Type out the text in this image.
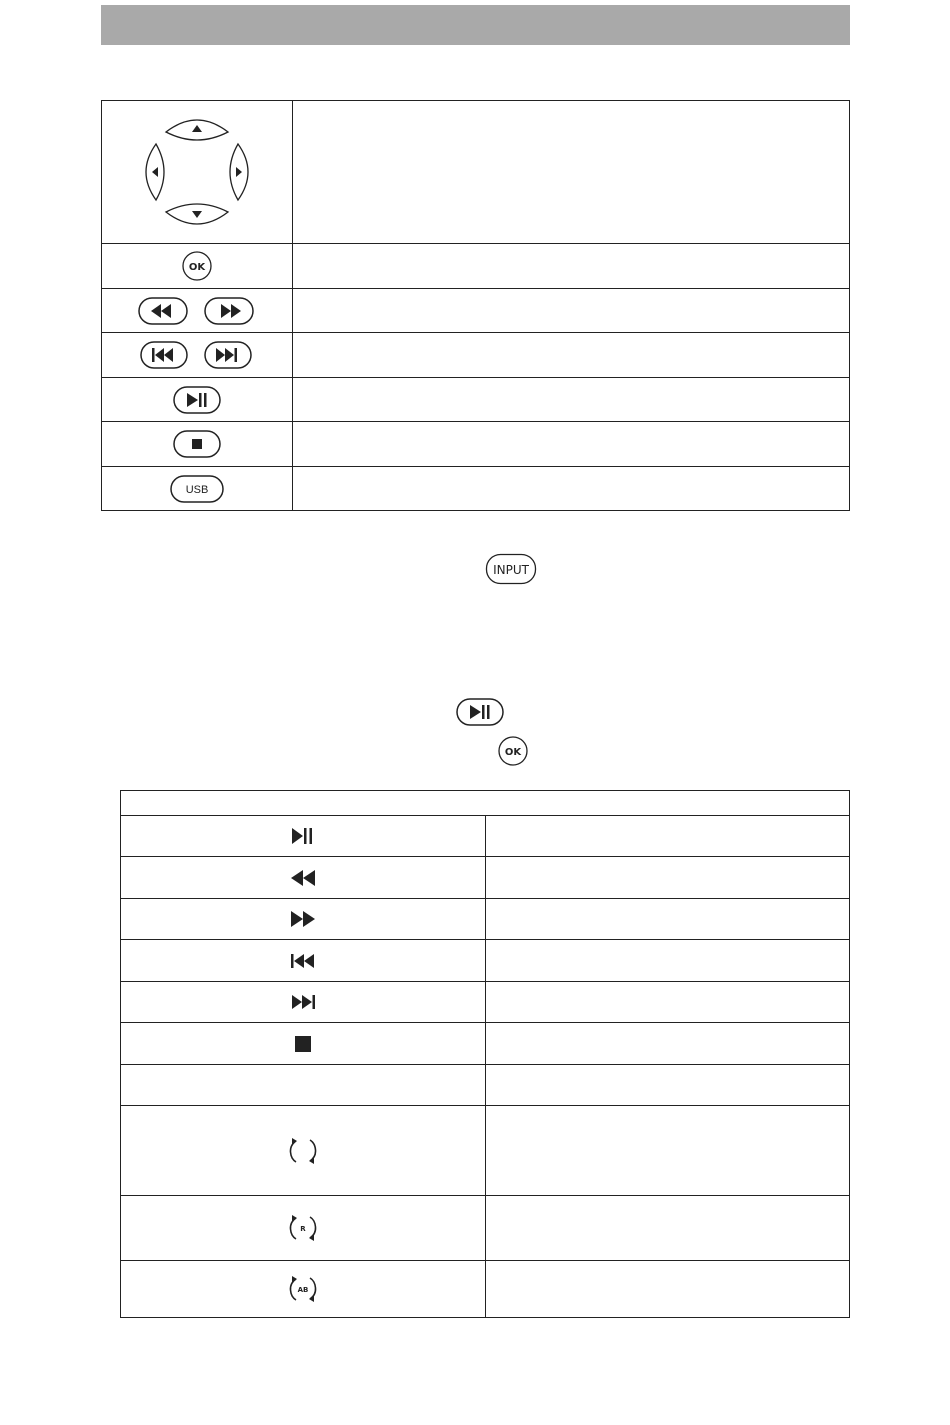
OK	

USB	

INPUT
OK

R	

AB	
